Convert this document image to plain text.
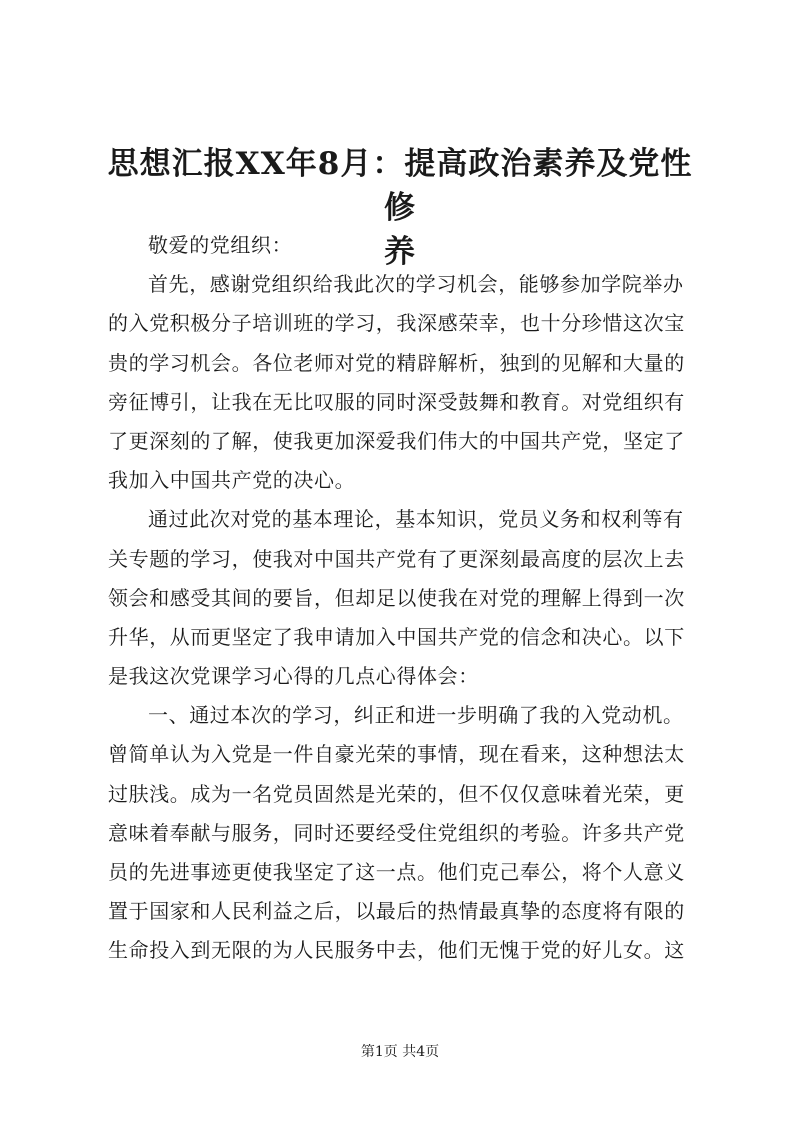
思想汇报XX年8月：提高政治素养及党性修
养
敬爱的党组织：
首先，感谢党组织给我此次的学习机会，能够参加学院举办
的入党积极分子培训班的学习，我深感荣幸，也十分珍惜这次宝
贵的学习机会。各位老师对党的精辟解析，独到的见解和大量的
旁征博引，让我在无比叹服的同时深受鼓舞和教育。对党组织有
了更深刻的了解，使我更加深爱我们伟大的中国共产党，坚定了
我加入中国共产党的决心。
通过此次对党的基本理论，基本知识，党员义务和权利等有
关专题的学习，使我对中国共产党有了更深刻最高度的层次上去
领会和感受其间的要旨，但却足以使我在对党的理解上得到一次
升华，从而更坚定了我申请加入中国共产党的信念和决心。以下
是我这次党课学习心得的几点心得体会：
一、通过本次的学习，纠正和进一步明确了我的入党动机。
曾简单认为入党是一件自豪光荣的事情，现在看来，这种想法太
过肤浅。成为一名党员固然是光荣的，但不仅仅意味着光荣，更
意味着奉献与服务，同时还要经受住党组织的考验。许多共产党
员的先进事迹更使我坚定了这一点。他们克己奉公，将个人意义
置于国家和人民利益之后，以最后的热情最真挚的态度将有限的
生命投入到无限的为人民服务中去，他们无愧于党的好儿女。这
第1页 共4页
